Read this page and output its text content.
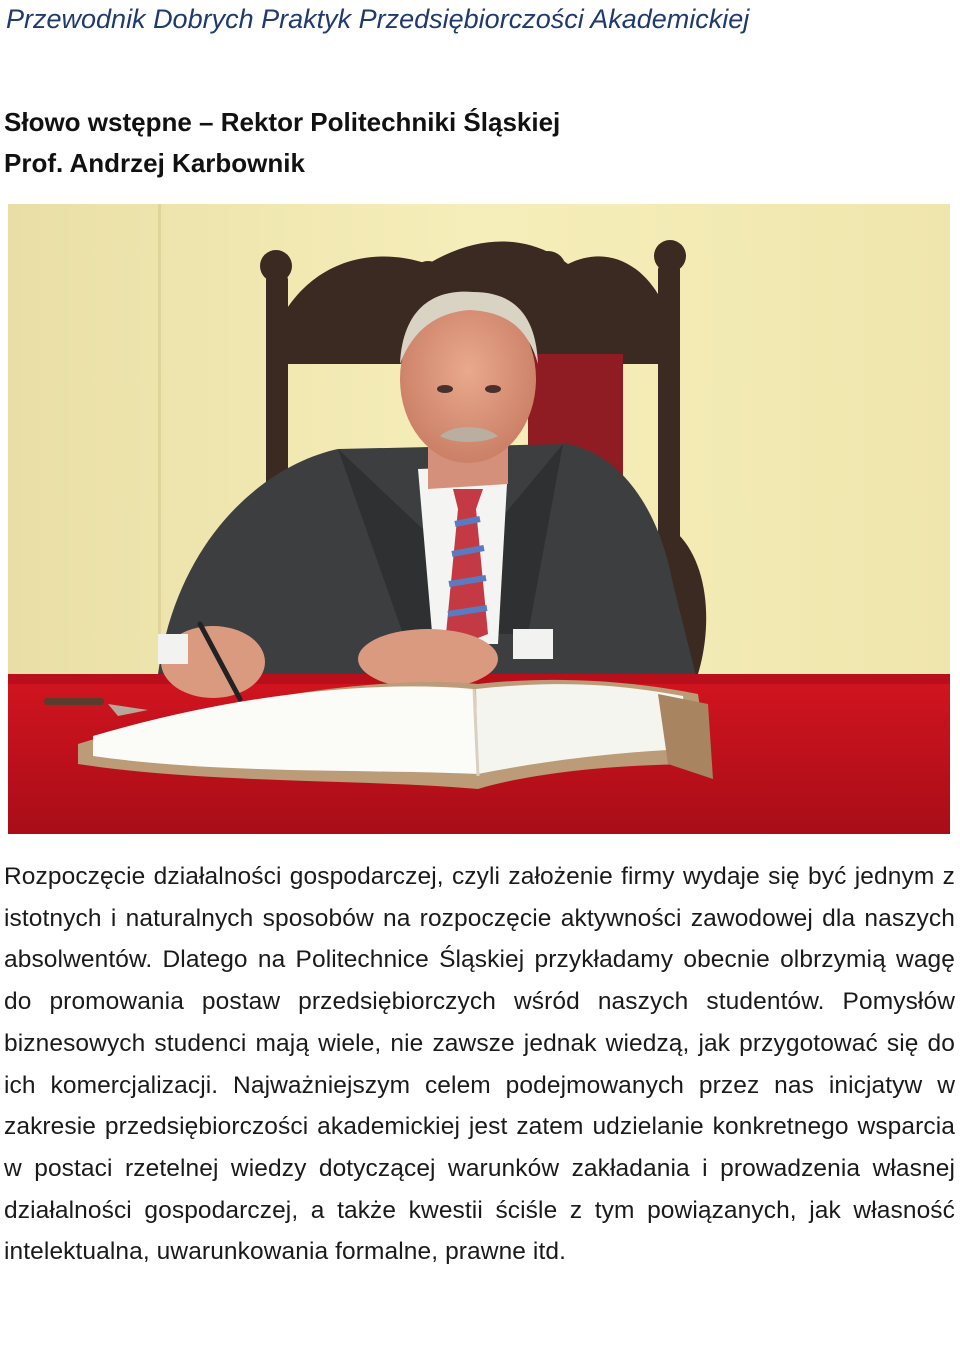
Przewodnik Dobrych Praktyk Przedsiębiorczości Akademickiej
Słowo wstępne – Rektor Politechniki Śląskiej
Prof. Andrzej Karbownik

Rozpoczęcie działalności gospodarczej, czyli założenie firmy wydaje się być jednym z istotnych i naturalnych sposobów na rozpoczęcie aktywności zawodowej dla naszych absolwentów. Dlatego na Politechnice Śląskiej przykładamy obecnie olbrzymią wagę do promowania postaw przedsiębiorczych wśród naszych studentów. Pomysłów biznesowych studenci mają wiele, nie zawsze jednak wiedzą, jak przygotować się do ich komercjalizacji. Najważniejszym celem podejmowanych przez nas inicjatyw w zakresie przedsiębiorczości akademickiej jest zatem udzielanie konkretnego wsparcia w postaci rzetelnej wiedzy dotyczącej warunków zakładania i prowadzenia własnej działalności gospodarczej, a także kwestii ściśle z tym powiązanych, jak własność intelektualna, uwarunkowania formalne, prawne itd.
